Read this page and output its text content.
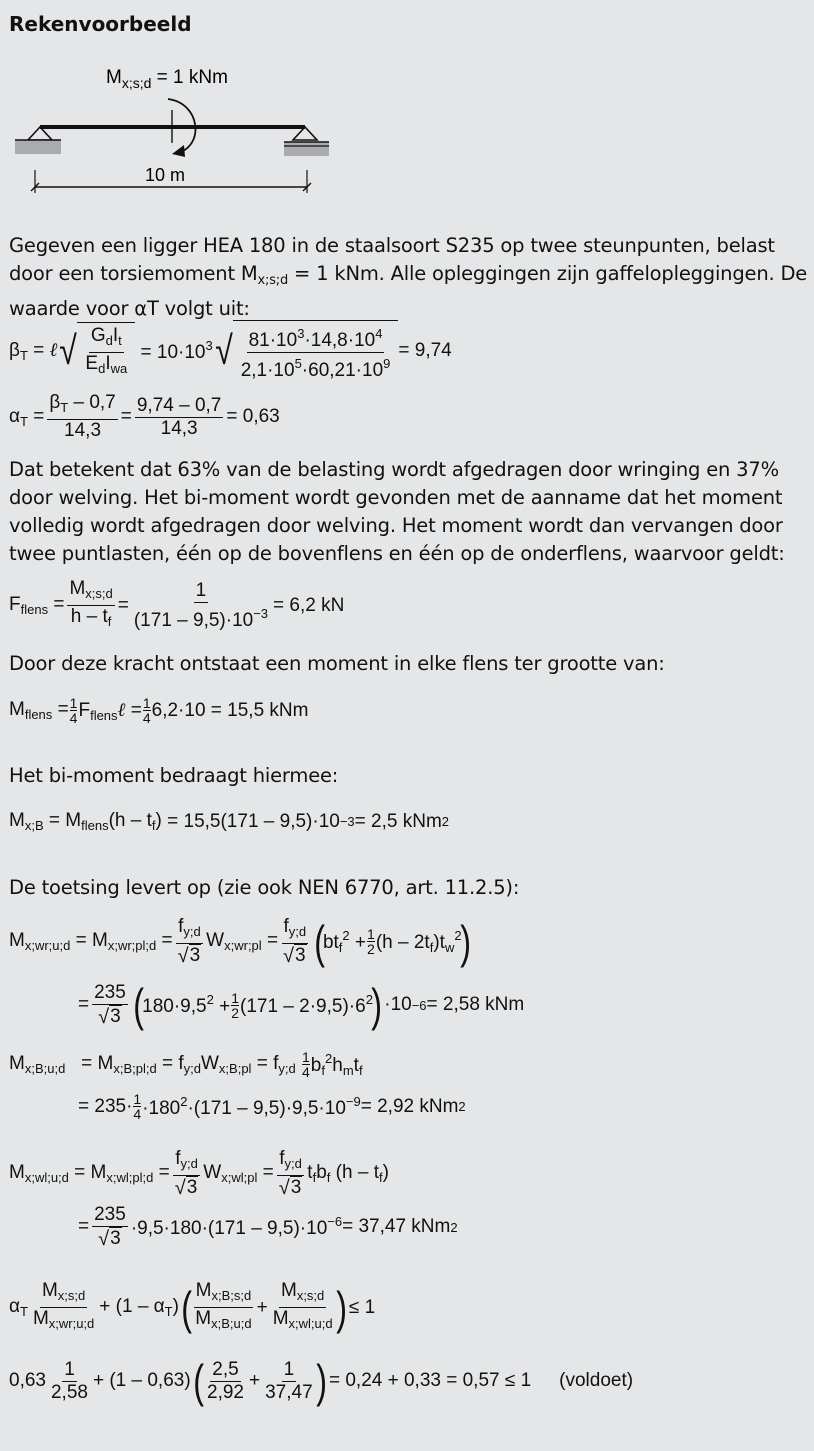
Rekenvoorbeeld
$M_{x;s;d} = 1$ kNm
10 m
Gegeven een ligger HEA 180 in de staalsoort S235 op twee steunpunten, belast door een torsiemoment $M_{x;s;d} = 1$ kNm. Alle opleggingen zijn gaffelopleggingen. De waarde voor αT volgt uit:
$\beta_T$ = ℓ √ $\frac{G_dI_t}{E_dI_{wa}} = 10\cdot 10^3$ √ $\frac{81\cdot 10^3\cdot 14,8\cdot 10^4}{2,1\cdot 10^5\cdot 60,21\cdot 10^9} = 9,74$
$\alpha_T = \frac{\beta_T - 0,7}{14,3} = \frac{9,74 - 0,7}{14,3} = 0,63$
Dat betekent dat 63% van de belasting wordt afgedragen door wringing en 37% door welving. Het bi-moment wordt gevonden met de aanname dat het moment volledig wordt afgedragen door welving. Het moment wordt dan vervangen door twee puntlasten, één op de bovenflens en één op de onderflens, waarvoor geldt:
$F_{flens} = \frac{M_{x;s;d}}{h - t_f} = \frac{1}{(171 - 9,5)\cdot 10^{-3}} = 6,2$ kN
Door deze kracht ontstaat een moment in elke flens ter grootte van:
$M_{flens} = \frac{1}{4}$ $F_{flens}\ell = \frac{1}{4} 6,2\cdot 10 = 15,5$ kNm
Het bi-moment bedraagt hiermee:
$M_{x;B} = M_{flens}(h - t_f) = 15,5(171 - 9,5)\cdot 10 -3 = 2,5$ kNm 2
De toetsing levert op (zie ook NEN 6770, art. 11.2.5):
$M_{x;wr;u;d} = M_{x;wr;pl;d} = \frac{f_{y;d}}{√ 3} W_{x;wr;pl} = \frac{f_{y;d}}{√ 3}$ (
$bt_f^2 + \frac{1}{2} (h - 2t_f)t_w^2$
)
= $\frac{235}{√ 3}$ (
$180\cdot 9,5^2 + \frac{1}{2} (171 - 2\cdot 9,5)\cdot 6^2$
) ·10 −6 = 2,58 kNm
$M_{x;B;u;d} = M_{x;B;pl;d} = f_{y;d}W_{x;B;pl} = f_{y;d}$
1
4 $b_f^2h_mt_f$
= 235· 1
$4 \cdot 180^2\cdot(171 - 9,5)\cdot 9,5\cdot 10^{-9} = 2,92$ kNm 2
$M_{x;wl;u;d} = M_{x;wl;pl;d} = \frac{f_{y;d}}{√ 3} W_{x;wl;pl} = \frac{f_{y;d}}{√ 3} t_fb_f$ $(h - t_f)$
= $\frac{235}{√ 3} \cdot 9,5\cdot 180\cdot(171 - 9,5)\cdot 10^{-6} = 37,47$ kNm 2
$\alpha_T \frac{M_{x;s;d}}{M_{x;wr;u;d}} + (1 - \alpha_T)$ ( $\frac{M_{x;B;s;d}}{M_{x;B;u;d}} + \frac{M_{x;s;d}}{M_{x;wl;u;d}}$ ) ≤ 1
$0,63 \frac{1}{2,58} + (1 - 0,63)$ ( $\frac{2,5}{2,92} + \frac{1}{37,47}$ ) = 0,24 + 0,33 = 0,57 ≤ 1 (voldoet)
